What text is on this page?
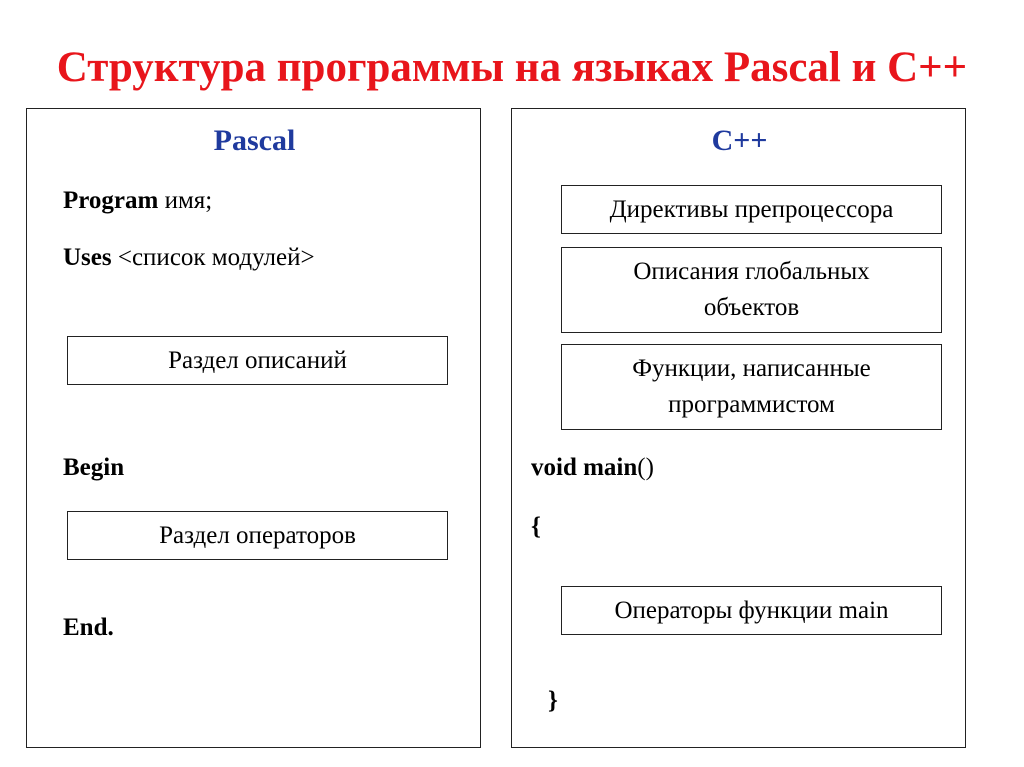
Структура программы на языках Pascal и C++
Pascal
Program имя;
Uses <список модулей>
Раздел описаний
Begin
Раздел операторов
End.
C++
Директивы препроцессора
Описания глобальных
объектов
Функции, написанные
программистом
void main()
{
Операторы функции main
}
